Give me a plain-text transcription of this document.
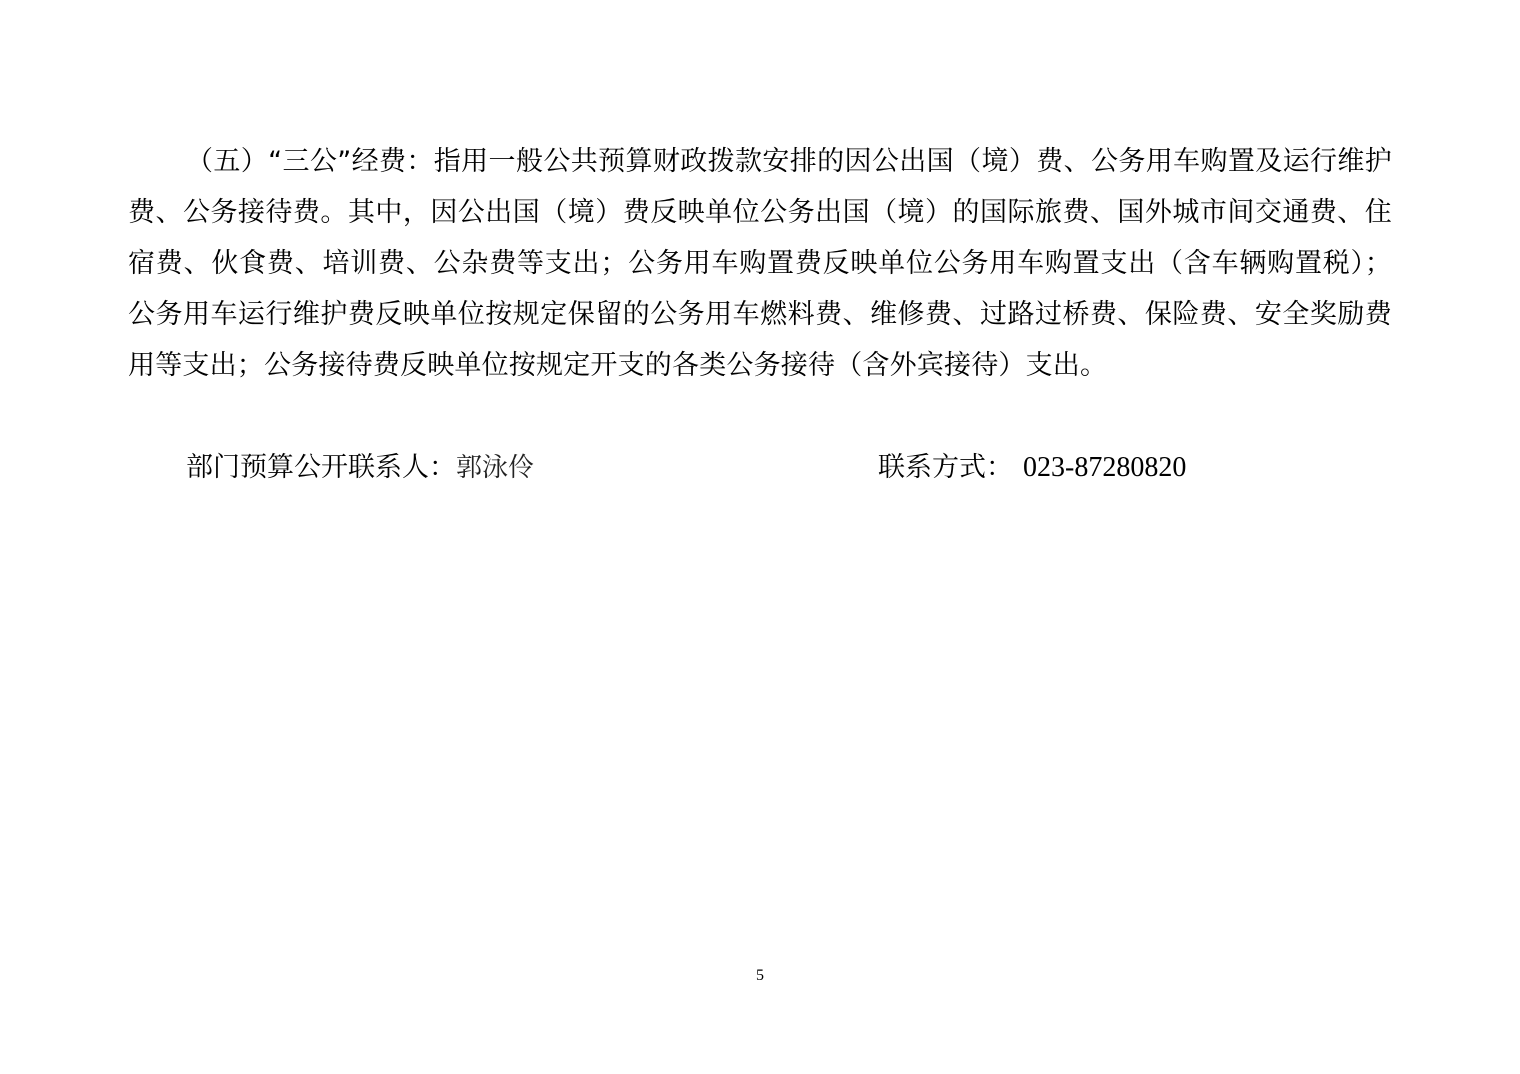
（五）“三公”经费：指用一般公共预算财政拨款安排的因公出国（境）费、公务用车购置及运行维护费、公务接待费。其中，因公出国（境）费反映单位公务出国（境）的国际旅费、国外城市间交通费、住宿费、伙食费、培训费、公杂费等支出；公务用车购置费反映单位公务用车购置支出（含车辆购置税）；公务用车运行维护费反映单位按规定保留的公务用车燃料费、维修费、过路过桥费、保险费、安全奖励费用等支出；公务接待费反映单位按规定开支的各类公务接待（含外宾接待）支出。

部门预算公开联系人：郭泳伶	联系方式： 023-87280820
5
